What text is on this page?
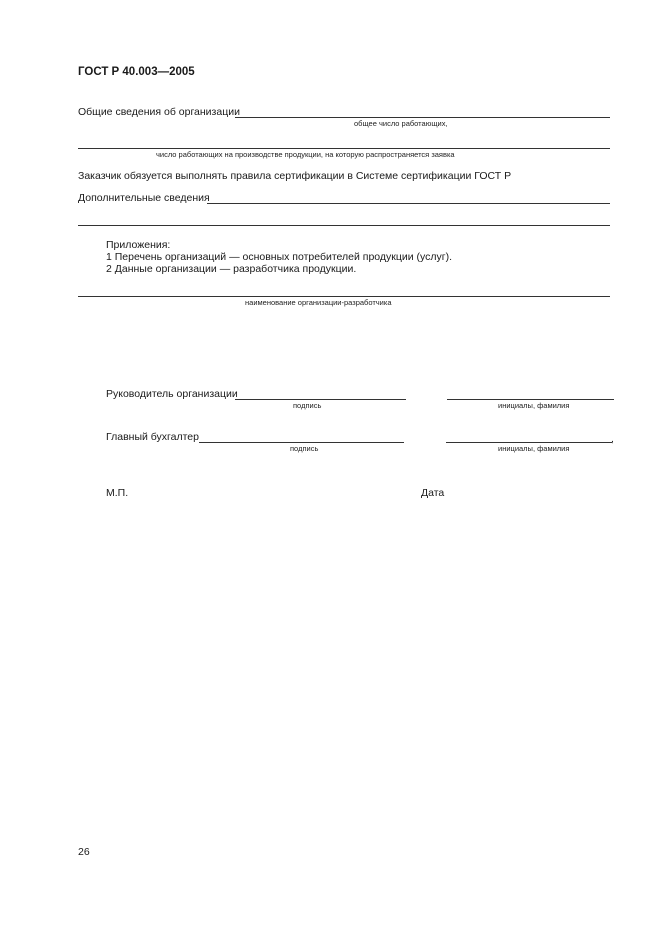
ГОСТ Р 40.003—2005
Общие сведения об организации
общее число работающих,
число работающих на производстве продукции, на которую распространяется заявка
Заказчик обязуется выполнять правила сертификации в Системе сертификации ГОСТ Р
Дополнительные сведения
Приложения:
1 Перечень организаций — основных потребителей продукции (услуг).
2 Данные организации — разработчика продукции.
наименование организации-разработчика
Руководитель организации
подпись	инициалы, фамилия
Главный бухгалтер
подпись
,
инициалы, фамилия
М.П.	Дата
26
